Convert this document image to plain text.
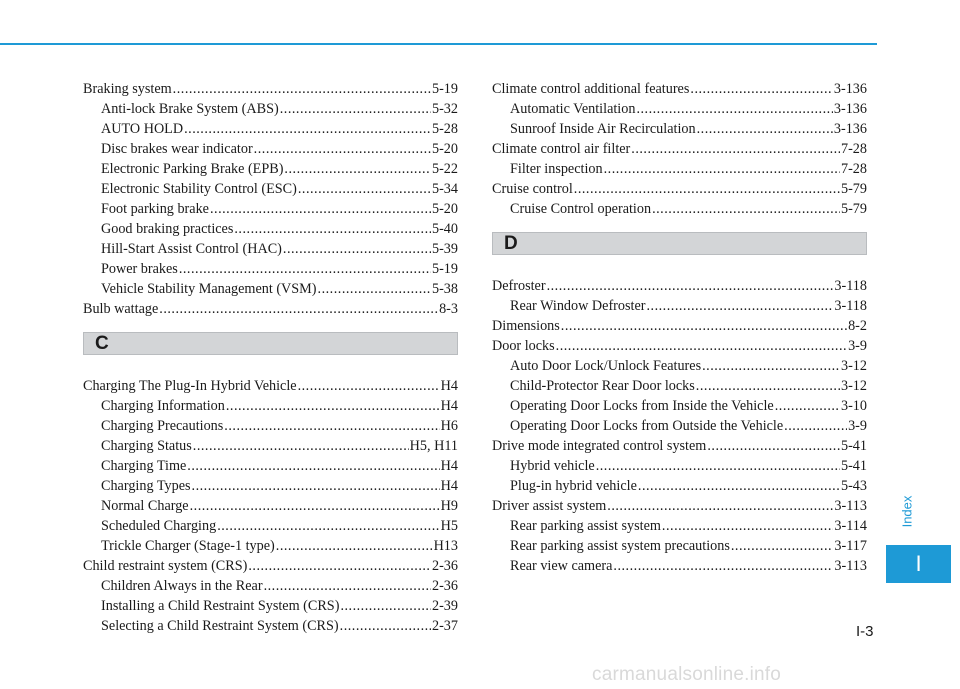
Braking system .....	5-19
Anti-lock Brake System (ABS) .....	5-32
AUTO HOLD .....	5-28
Disc brakes wear indicator .....	5-20
Electronic Parking Brake (EPB) .....	5-22
Electronic Stability Control (ESC) .....	5-34
Foot parking brake .....	5-20
Good braking practices .....	5-40
Hill-Start Assist Control (HAC) .....	5-39
Power brakes .....	5-19
Vehicle Stability Management (VSM) .....	5-38
Bulb wattage .....	8-3
C
Charging The Plug-In Hybrid Vehicle .....	H4
Charging Information .....	H4
Charging Precautions .....	H6
Charging Status .....	H5, H11
Charging Time .....	H4
Charging Types .....	H4
Normal Charge .....	H9
Scheduled Charging .....	H5
Trickle Charger (Stage-1 type) .....	H13
Child restraint system (CRS) .....	2-36
Children Always in the Rear .....	2-36
Installing a Child Restraint System (CRS) .....	2-39
Selecting a Child Restraint System (CRS) .....	2-37
Climate control additional features .....	3-136
Automatic Ventilation .....	3-136
Sunroof Inside Air Recirculation .....	3-136
Climate control air filter .....	7-28
Filter inspection .....	7-28
Cruise control .....	5-79
Cruise Control operation .....	5-79
D
Defroster .....	3-118
Rear Window Defroster .....	3-118
Dimensions .....	8-2
Door locks .....	3-9
Auto Door Lock/Unlock Features .....	3-12
Child-Protector Rear Door locks .....	3-12
Operating Door Locks from Inside the Vehicle .....	3-10
Operating Door Locks from Outside the Vehicle .....	3-9
Drive mode integrated control system .....	5-41
Hybrid vehicle .....	5-41
Plug-in hybrid vehicle .....	5-43
Driver assist system .....	3-113
Rear parking assist system .....	3-114
Rear parking assist system precautions .....	3-117
Rear view camera .....	3-113
Index
I
I-3
carmanualsonline.info
